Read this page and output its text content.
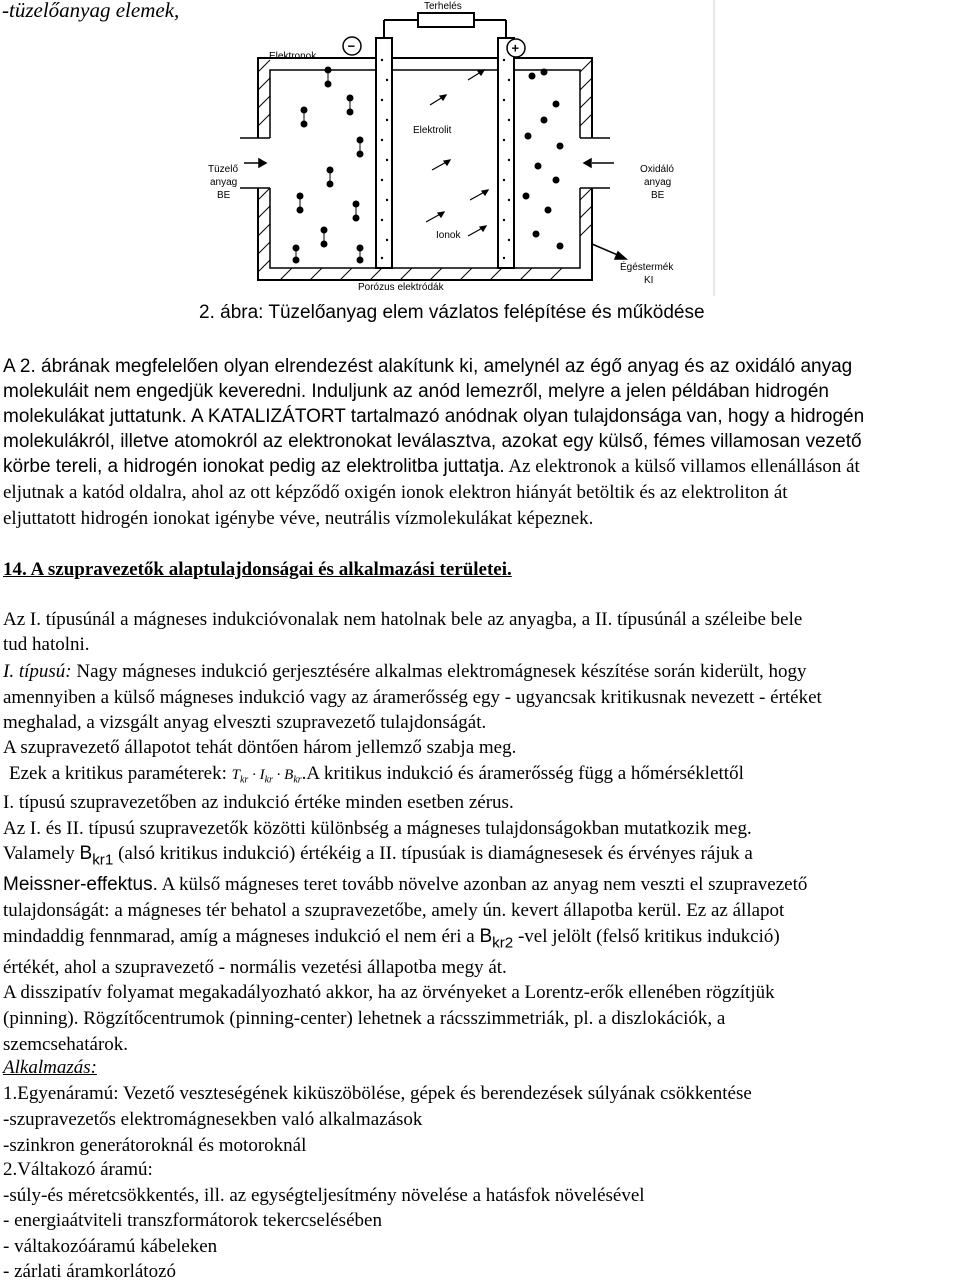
-tüzelőanyag elemek,	Terhelés
−	+
Elektronok
Elektrolit
Ionok
Tüzelő
anyag
BE
Oxidáló
anyag
BE
Égéstermék
KI
Porózus elektródák
2. ábra: Tüzelőanyag elem vázlatos felépítése és működése
A 2. ábrának megfelelően olyan elrendezést alakítunk ki, amelynél az égő anyag és az oxidáló anyag
molekuláit nem engedjük keveredni. Induljunk az anód lemezről, melyre a jelen példában hidrogén
molekulákat juttatunk. A KATALIZÁTORT tartalmazó anódnak olyan tulajdonsága van, hogy a hidrogén
molekulákról, illetve atomokról az elektronokat leválasztva, azokat egy külső, fémes villamosan vezető
körbe tereli, a hidrogén ionokat pedig az elektrolitba juttatja. Az elektronok a külső villamos ellenálláson át
eljutnak a katód oldalra, ahol az ott képződő oxigén ionok elektron hiányát betöltik és az elektroliton át
eljuttatott hidrogén ionokat igénybe véve, neutrális vízmolekulákat képeznek.
14. A szupravezetők alaptulajdonságai és alkalmazási területei.
Az I. típusúnál a mágneses indukcióvonalak nem hatolnak bele az anyagba, a II. típusúnál a széleibe bele
tud hatolni.
I. típusú: Nagy mágneses indukció gerjesztésére alkalmas elektromágnesek készítése során kiderült, hogy
amennyiben a külső mágneses indukció vagy az áramerősség egy - ugyancsak kritikusnak nevezett - értéket
meghalad, a vizsgált anyag elveszti szupravezető tulajdonságát.
A szupravezető állapotot tehát döntően három jellemző szabja meg.
Ezek a kritikus paraméterek: $T_{kr} \cdot I_{kr} \cdot B_{kr}.A$ kritikus indukció és áramerősség függ a hőmérséklettől
I. típusú szupravezetőben az indukció értéke minden esetben zérus.
Az I. és II. típusú szupravezetők közötti különbség a mágneses tulajdonságokban mutatkozik meg.
Valamely $B_{kr1}$ (alsó kritikus indukció) értékéig a II. típusúak is diamágnesesek és érvényes rájuk a
Meissner-effektus. A külső mágneses teret tovább növelve azonban az anyag nem veszti el szupravezető
tulajdonságát: a mágneses tér behatol a szupravezetőbe, amely ún. kevert állapotba kerül. Ez az állapot
mindaddig fennmarad, amíg a mágneses indukció el nem éri a $B_{kr2}$ -vel jelölt (felső kritikus indukció)
értékét, ahol a szupravezető - normális vezetési állapotba megy át.
A disszipatív folyamat megakadályozható akkor, ha az örvényeket a Lorentz-erők ellenében rögzítjük
(pinning). Rögzítőcentrumok (pinning-center) lehetnek a rácsszimmetriák, pl. a diszlokációk, a
szemcsehatárok.
Alkalmazás:
1.Egyenáramú: Vezető veszteségének kiküszöbölése, gépek és berendezések súlyának csökkentése
-szupravezetős elektromágnesekben való alkalmazások
-szinkron generátoroknál és motoroknál
2.Váltakozó áramú:
-súly-és méretcsökkentés, ill. az egységteljesítmény növelése a hatásfok növelésével
- energiaátviteli transzformátorok tekercselésében
- váltakozóáramú kábeleken
- zárlati áramkorlátozó
